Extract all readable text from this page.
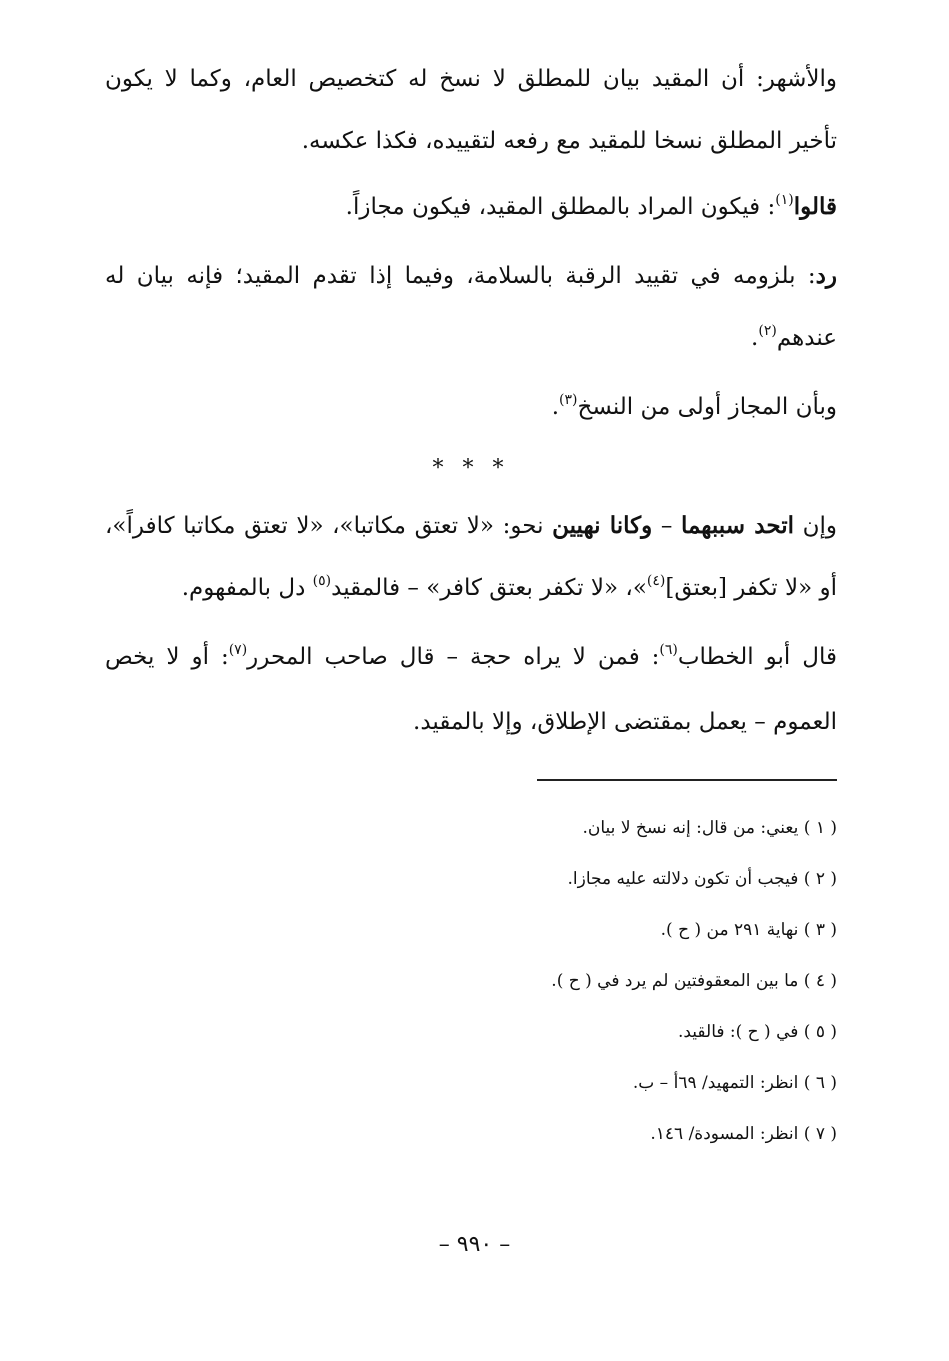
والأشهر: أن المقيد بيان للمطلق لا نسخ له كتخصيص العام، وكما لا يكون تأخير المطلق نسخا للمقيد مع رفعه لتقييده، فكذا عكسه.

قالوا$^{(١)}$: فيكون المراد بالمطلق المقيد، فيكون مجازاً.

رد: بلزومه في تقييد الرقبة بالسلامة، وفيما إذا تقدم المقيد؛ فإنه بيان له عندهم$^{(٢)}$.

وبأن المجاز أولى من النسخ$^{(٣)}$.

* * *

وإن اتحد سببهما – وكانا نهيين نحو: «لا تعتق مكاتبا»، «لا تعتق مكاتبا كافراً»، أو «لا تكفر [بعتق]$^{(٤)}$»، «لا تكفر بعتق كافر» – فالمقيد$^{(٥)}$ دل بالمفهوم.

قال أبو الخطاب$^{(٦)}$: فمن لا يراه حجة – قال صاحب المحرر$^{(٧)}$: أو لا يخص العموم – يعمل بمقتضى الإطلاق، وإلا بالمقيد.

( ١ ) يعني: من قال: إنه نسخ لا بيان.

( ٢ ) فيجب أن تكون دلالته عليه مجازا.

( ٣ ) نهاية ٢٩١ من ( ح ).

( ٤ ) ما بين المعقوفتين لم يرد في ( ح ).

( ٥ ) في ( ح ): فالقيد.

( ٦ ) انظر: التمهيد/ ٦٩أ – ب.

( ٧ ) انظر: المسودة/ ١٤٦.

– ٩٩٠ –
